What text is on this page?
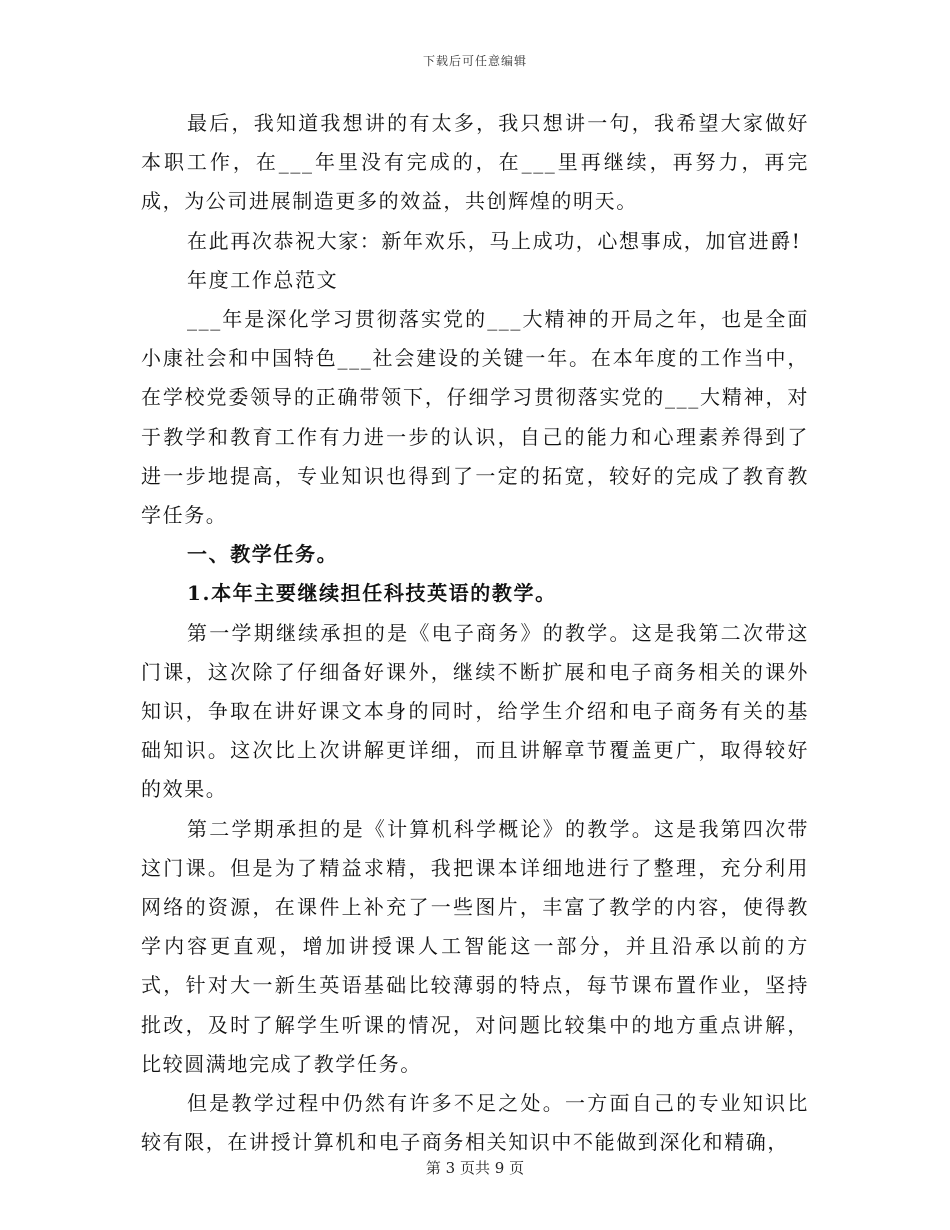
下载后可任意编辑

最后，我知道我想讲的有太多，我只想讲一句，我希望大家做好本职工作，在___年里没有完成的，在___里再继续，再努力，再完成，为公司进展制造更多的效益，共创辉煌的明天。

在此再次恭祝大家：新年欢乐，马上成功，心想事成，加官进爵!

年度工作总范文

___年是深化学习贯彻落实党的___大精神的开局之年，也是全面小康社会和中国特色___社会建设的关键一年。在本年度的工作当中，在学校党委领导的正确带领下，仔细学习贯彻落实党的___大精神，对于教学和教育工作有力进一步的认识，自己的能力和心理素养得到了进一步地提高，专业知识也得到了一定的拓宽，较好的完成了教育教学任务。

一、教学任务。

1.本年主要继续担任科技英语的教学。

第一学期继续承担的是《电子商务》的教学。这是我第二次带这门课，这次除了仔细备好课外，继续不断扩展和电子商务相关的课外知识，争取在讲好课文本身的同时，给学生介绍和电子商务有关的基础知识。这次比上次讲解更详细，而且讲解章节覆盖更广，取得较好的效果。

第二学期承担的是《计算机科学概论》的教学。这是我第四次带这门课。但是为了精益求精，我把课本详细地进行了整理，充分利用网络的资源，在课件上补充了一些图片，丰富了教学的内容，使得教学内容更直观，增加讲授课人工智能这一部分，并且沿承以前的方式，针对大一新生英语基础比较薄弱的特点，每节课布置作业，坚持批改，及时了解学生听课的情况，对问题比较集中的地方重点讲解，比较圆满地完成了教学任务。

但是教学过程中仍然有许多不足之处。一方面自己的专业知识比较有限，在讲授计算机和电子商务相关知识中不能做到深化和精确，

第 3 页共 9 页
